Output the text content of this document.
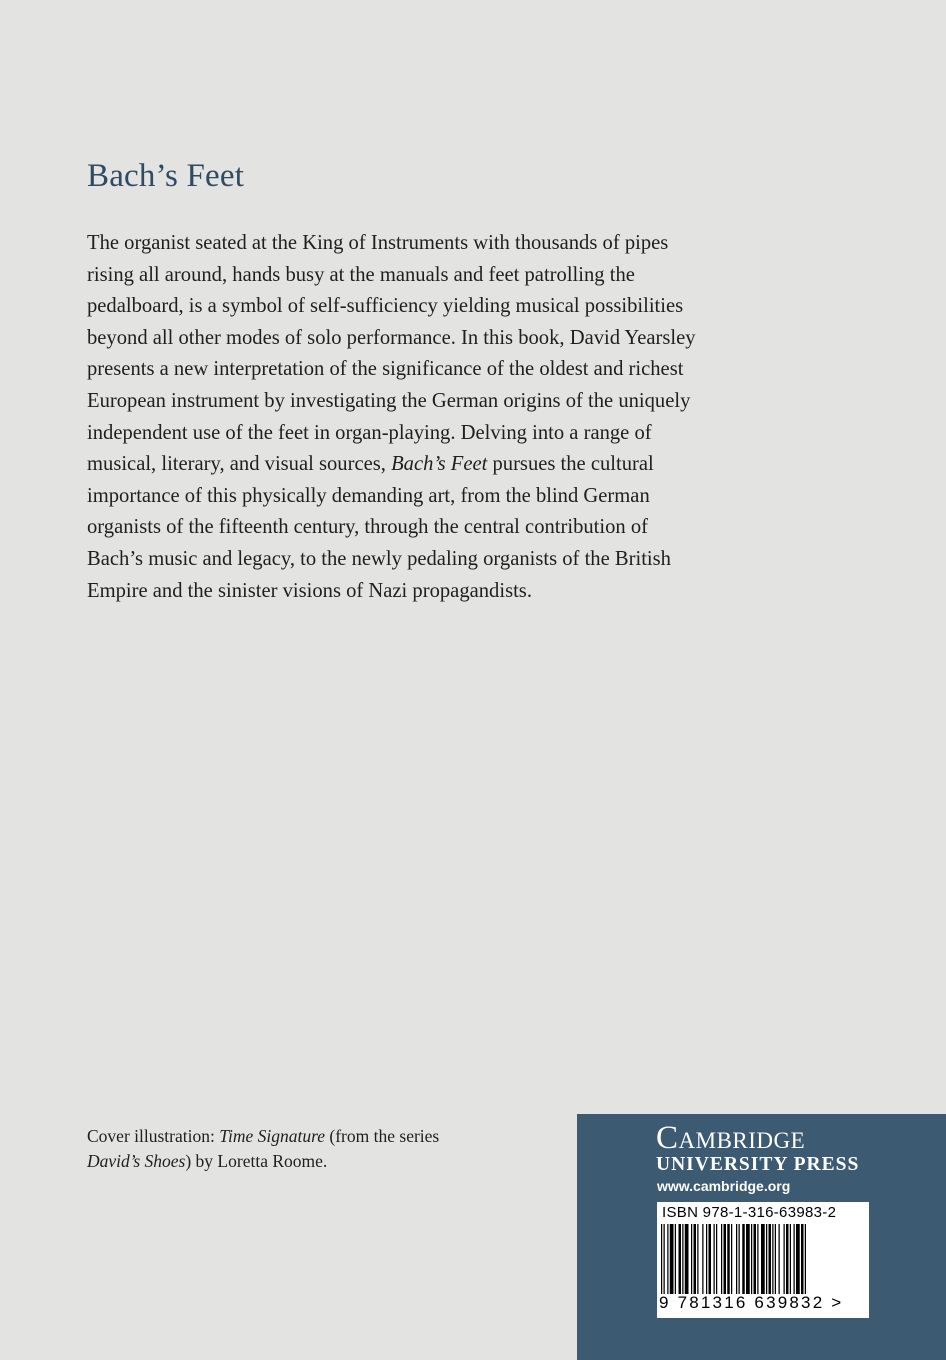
Bach’s Feet
The organist seated at the King of Instruments with thousands of pipes
rising all around, hands busy at the manuals and feet patrolling the
pedalboard, is a symbol of self-sufficiency yielding musical possibilities
beyond all other modes of solo performance. In this book, David Yearsley
presents a new interpretation of the significance of the oldest and richest
European instrument by investigating the German origins of the uniquely
independent use of the feet in organ-playing. Delving into a range of
musical, literary, and visual sources, Bach’s Feet pursues the cultural
importance of this physically demanding art, from the blind German
organists of the fifteenth century, through the central contribution of
Bach’s music and legacy, to the newly pedaling organists of the British
Empire and the sinister visions of Nazi propagandists.
Cover illustration: Time Signature (from the series
David’s Shoes) by Loretta Roome.
Cambridge
UNIVERSITY PRESS
www.cambridge.org
ISBN 978-1-316-63983-2
9 781316 639832 >
